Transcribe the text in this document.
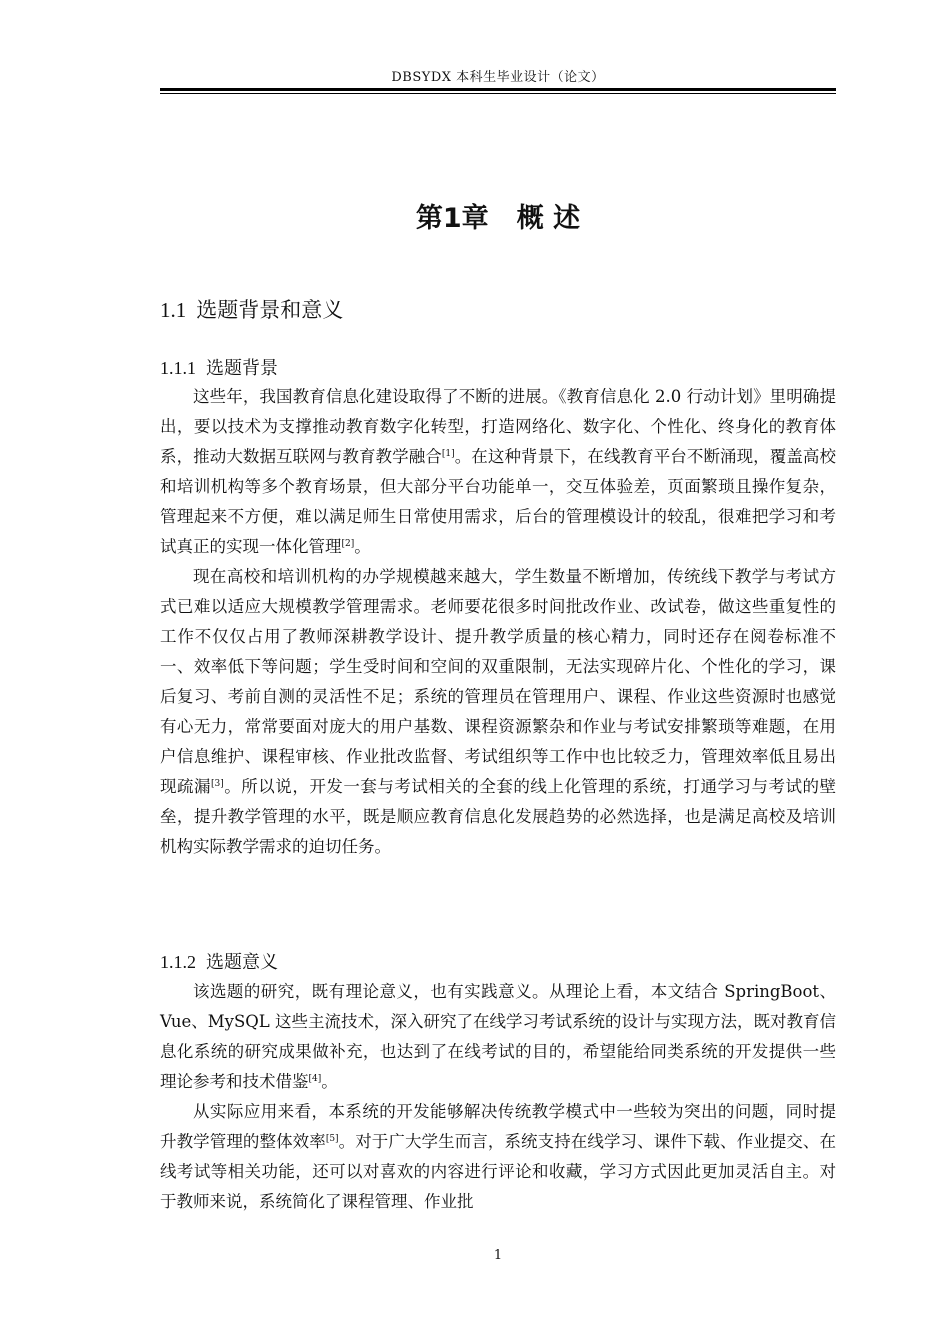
DBSYDX 本科生毕业设计（论文）
第1章 概 述
1.1 选题背景和意义
1.1.1 选题背景

这些年，我国教育信息化建设取得了不断的进展。《教育信息化 2.0 行动计划》里明确提出，要以技术为支撑推动教育数字化转型，打造网络化、数字化、个性化、终身化的教育体系，推动大数据互联网与教育教学融合[1]。在这种背景下，在线教育平台不断涌现，覆盖高校和培训机构等多个教育场景，但大部分平台功能单一，交互体验差，页面繁琐且操作复杂，管理起来不方便，难以满足师生日常使用需求，后台的管理模设计的较乱，很难把学习和考试真正的实现一体化管理[2]。

现在高校和培训机构的办学规模越来越大，学生数量不断增加，传统线下教学与考试方式已难以适应大规模教学管理需求。老师要花很多时间批改作业、改试卷，做这些重复性的工作不仅仅占用了教师深耕教学设计、提升教学质量的核心精力，同时还存在阅卷标准不一、效率低下等问题；学生受时间和空间的双重限制，无法实现碎片化、个性化的学习，课后复习、考前自测的灵活性不足；系统的管理员在管理用户、课程、作业这些资源时也感觉有心无力，常常要面对庞大的用户基数、课程资源繁杂和作业与考试安排繁琐等难题，在用户信息维护、课程审核、作业批改监督、考试组织等工作中也比较乏力，管理效率低且易出现疏漏[3]。所以说，开发一套与考试相关的全套的线上化管理的系统，打通学习与考试的壁垒，提升教学管理的水平，既是顺应教育信息化发展趋势的必然选择，也是满足高校及培训机构实际教学需求的迫切任务。

1.1.2 选题意义

该选题的研究，既有理论意义，也有实践意义。从理论上看，本文结合 SpringBoot、Vue、MySQL 这些主流技术，深入研究了在线学习考试系统的设计与实现方法，既对教育信息化系统的研究成果做补充，也达到了在线考试的目的，希望能给同类系统的开发提供一些理论参考和技术借鉴[4]。

从实际应用来看，本系统的开发能够解决传统教学模式中一些较为突出的问题，同时提升教学管理的整体效率[5]。对于广大学生而言，系统支持在线学习、课件下载、作业提交、在线考试等相关功能，还可以对喜欢的内容进行评论和收藏，学习方式因此更加灵活自主。对于教师来说，系统简化了课程管理、作业批

1
